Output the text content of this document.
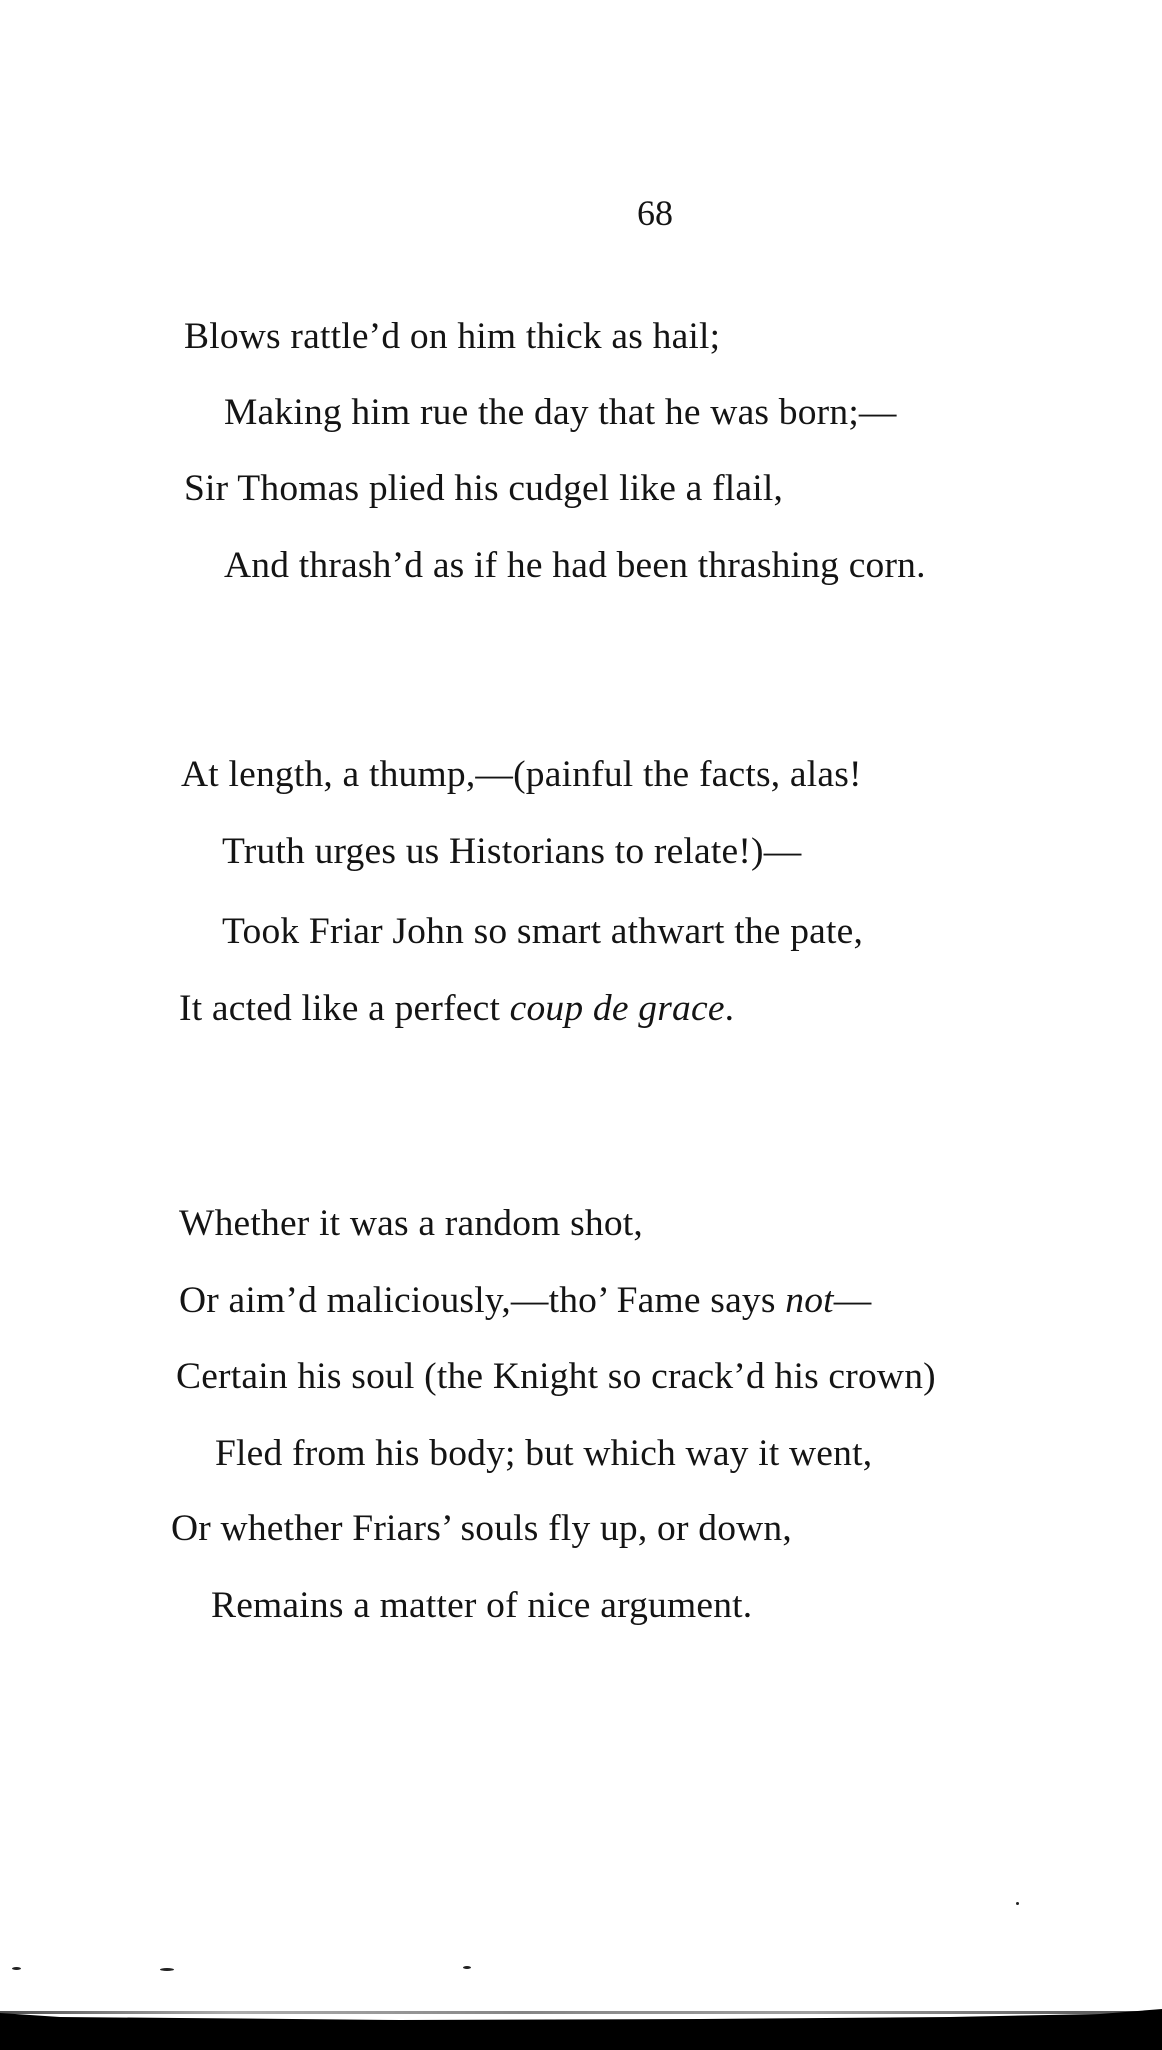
68
Blows rattle’d on him thick as hail;
Making him rue the day that he was born;—
Sir Thomas plied his cudgel like a flail,
And thrash’d as if he had been thrashing corn.
At length, a thump,—(painful the facts, alas!
Truth urges us Historians to relate!)—
Took Friar John so smart athwart the pate,
It acted like a perfect coup de grace.
Whether it was a random shot,
Or aim’d maliciously,—tho’ Fame says not—
Certain his soul (the Knight so crack’d his crown)
Fled from his body; but which way it went,
Or whether Friars’ souls fly up, or down,
Remains a matter of nice argument.
